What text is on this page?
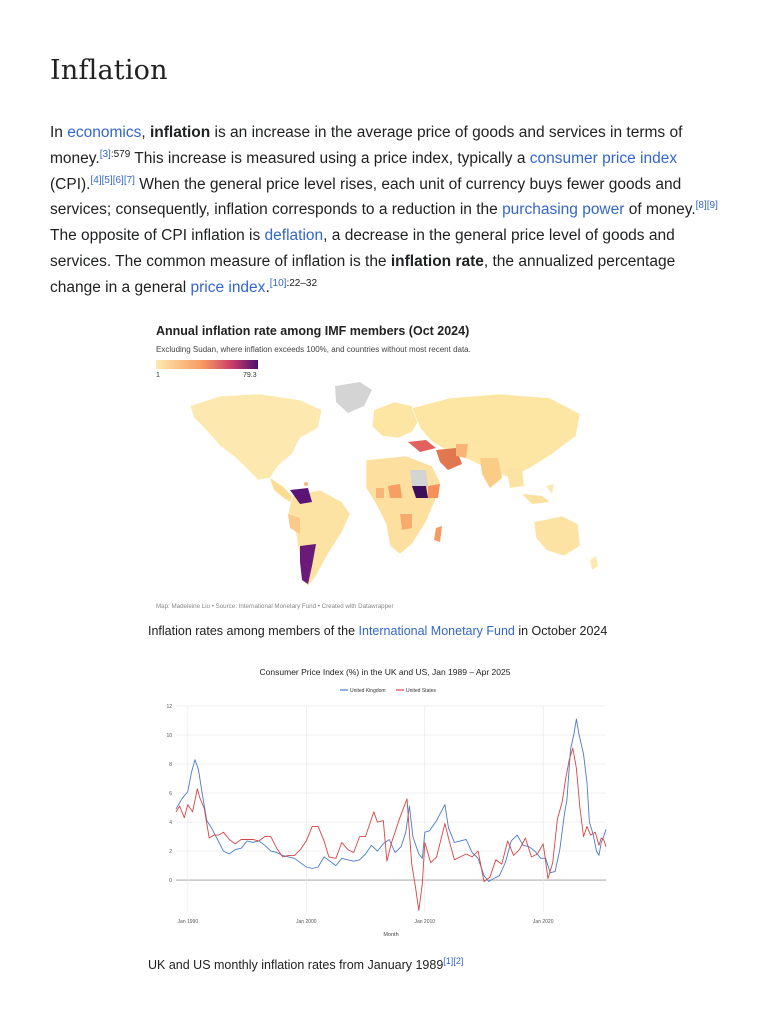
Inflation

In economics, inflation is an increase in the average price of goods and services in terms of money.$^{[3]:579}$ This increase is measured using a price index, typically a consumer price index (CPI).[4][5][6][7] When the general price level rises, each unit of currency buys fewer goods and services; consequently, inflation corresponds to a reduction in the purchasing power of money.[8][9] The opposite of CPI inflation is deflation, a decrease in the general price level of goods and services. The common measure of inflation is the inflation rate, the annualized percentage change in a general price index.$^{[10]:22-32}$

Annual inflation rate among IMF members (Oct 2024)
Excluding Sudan, where inflation exceeds 100%, and countries without most recent data.
1	79.3
Map: Madeleine Liu • Source: International Monetary Fund • Created with Datawrapper
Inflation rates among members of the International Monetary Fund in October 2024
Consumer Price Index (%) in the UK and US, Jan 1989 – Apr 2025
United Kingdom	United States
0
2
4
6
8
10
12
Jan 1990	Jan 2000	Jan 2010	Jan 2020
Month
UK and US monthly inflation rates from January 1989[1][2]
